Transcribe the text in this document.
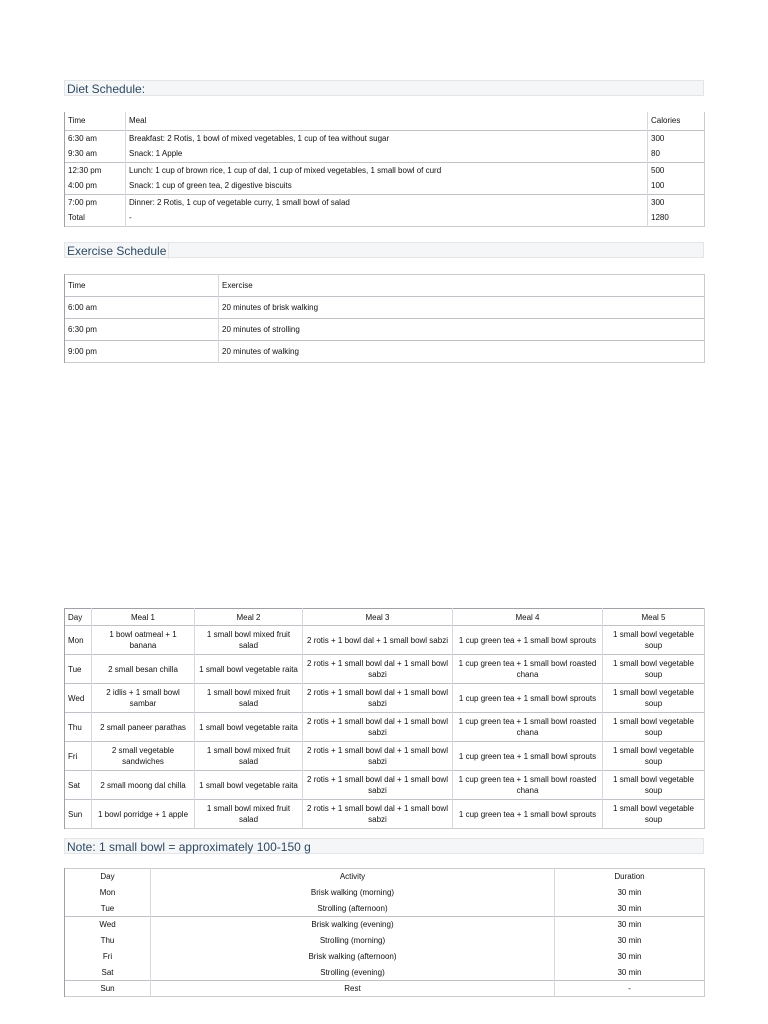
Diet Schedule:
Time	Meal	Calories
6:30 am	Breakfast: 2 Rotis, 1 bowl of mixed vegetables, 1 cup of tea without sugar	300
9:30 am	Snack: 1 Apple	80
12:30 pm	Lunch: 1 cup of brown rice, 1 cup of dal, 1 cup of mixed vegetables, 1 small bowl of curd	500
4:00 pm	Snack: 1 cup of green tea, 2 digestive biscuits	100
7:00 pm	Dinner: 2 Rotis, 1 cup of vegetable curry, 1 small bowl of salad	300
Total	-	1280
Exercise Schedule
Time	Exercise
6:00 am	20 minutes of brisk walking
6:30 pm	20 minutes of strolling
9:00 pm	20 minutes of walking
Day	Meal 1	Meal 2	Meal 3	Meal 4	Meal 5
Mon	1 bowl oatmeal + 1 banana	1 small bowl mixed fruit salad	2 rotis + 1 bowl dal + 1 small bowl sabzi	1 cup green tea + 1 small bowl sprouts	1 small bowl vegetable soup
Tue	2 small besan chilla	1 small bowl vegetable raita	2 rotis + 1 small bowl dal + 1 small bowl sabzi	1 cup green tea + 1 small bowl roasted chana	1 small bowl vegetable soup
Wed	2 idlis + 1 small bowl sambar	1 small bowl mixed fruit salad	2 rotis + 1 small bowl dal + 1 small bowl sabzi	1 cup green tea + 1 small bowl sprouts	1 small bowl vegetable soup
Thu	2 small paneer parathas	1 small bowl vegetable raita	2 rotis + 1 small bowl dal + 1 small bowl sabzi	1 cup green tea + 1 small bowl roasted chana	1 small bowl vegetable soup
Fri	2 small vegetable sandwiches	1 small bowl mixed fruit salad	2 rotis + 1 small bowl dal + 1 small bowl sabzi	1 cup green tea + 1 small bowl sprouts	1 small bowl vegetable soup
Sat	2 small moong dal chilla	1 small bowl vegetable raita	2 rotis + 1 small bowl dal + 1 small bowl sabzi	1 cup green tea + 1 small bowl roasted chana	1 small bowl vegetable soup
Sun	1 bowl porridge + 1 apple	1 small bowl mixed fruit salad	2 rotis + 1 small bowl dal + 1 small bowl sabzi	1 cup green tea + 1 small bowl sprouts	1 small bowl vegetable soup
Note: 1 small bowl = approximately 100-150 g
Day	Activity	Duration
Mon	Brisk walking (morning)	30 min
Tue	Strolling (afternoon)	30 min
Wed	Brisk walking (evening)	30 min
Thu	Strolling (morning)	30 min
Fri	Brisk walking (afternoon)	30 min
Sat	Strolling (evening)	30 min
Sun	Rest	-
